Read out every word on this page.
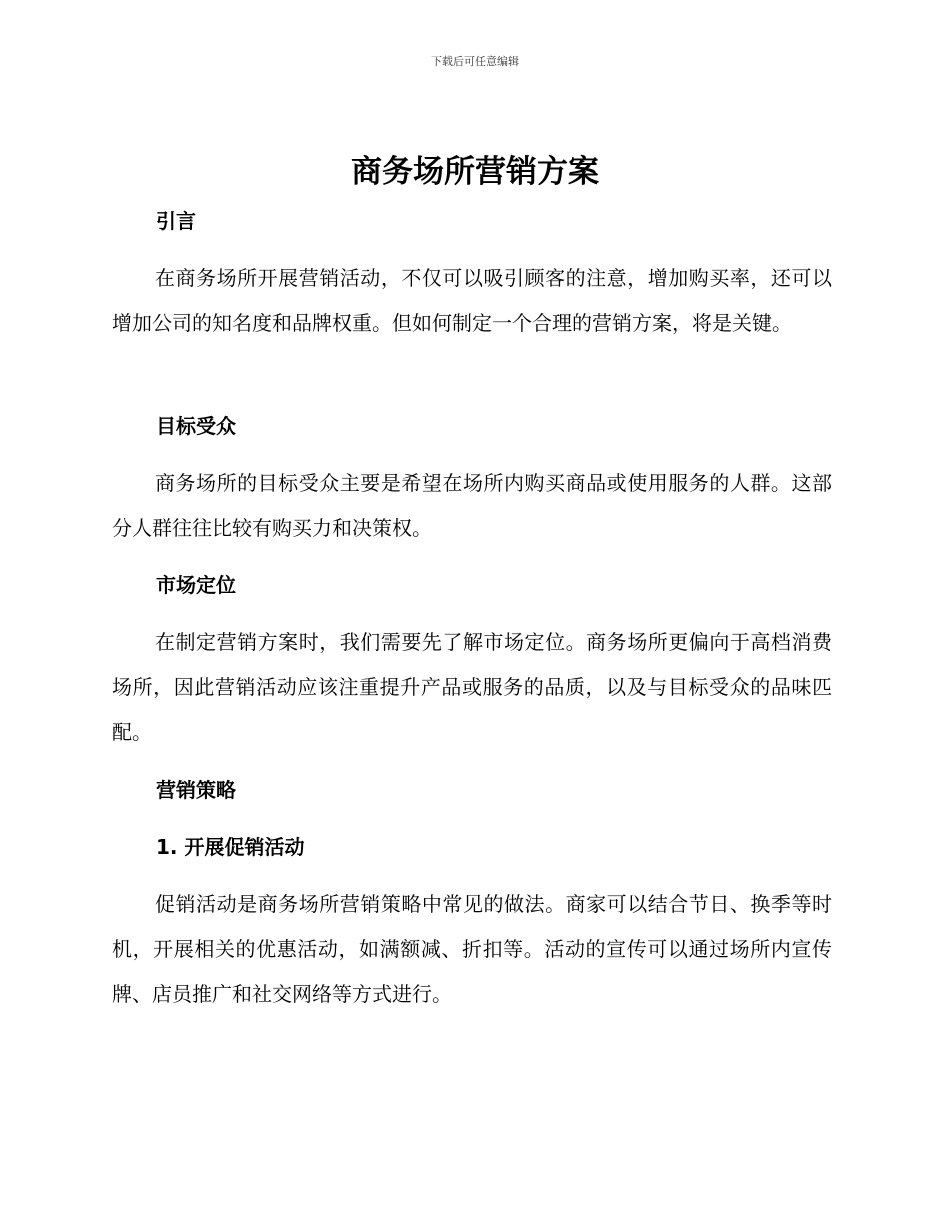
下载后可任意编辑
商务场所营销方案
引言

在商务场所开展营销活动，不仅可以吸引顾客的注意，增加购买率，还可以增加公司的知名度和品牌权重。但如何制定一个合理的营销方案，将是关键。

目标受众

商务场所的目标受众主要是希望在场所内购买商品或使用服务的人群。这部分人群往往比较有购买力和决策权。

市场定位

在制定营销方案时，我们需要先了解市场定位。商务场所更偏向于高档消费场所，因此营销活动应该注重提升产品或服务的品质，以及与目标受众的品味匹配。

营销策略
1. 开展促销活动

促销活动是商务场所营销策略中常见的做法。商家可以结合节日、换季等时机，开展相关的优惠活动，如满额减、折扣等。活动的宣传可以通过场所内宣传牌、店员推广和社交网络等方式进行。
